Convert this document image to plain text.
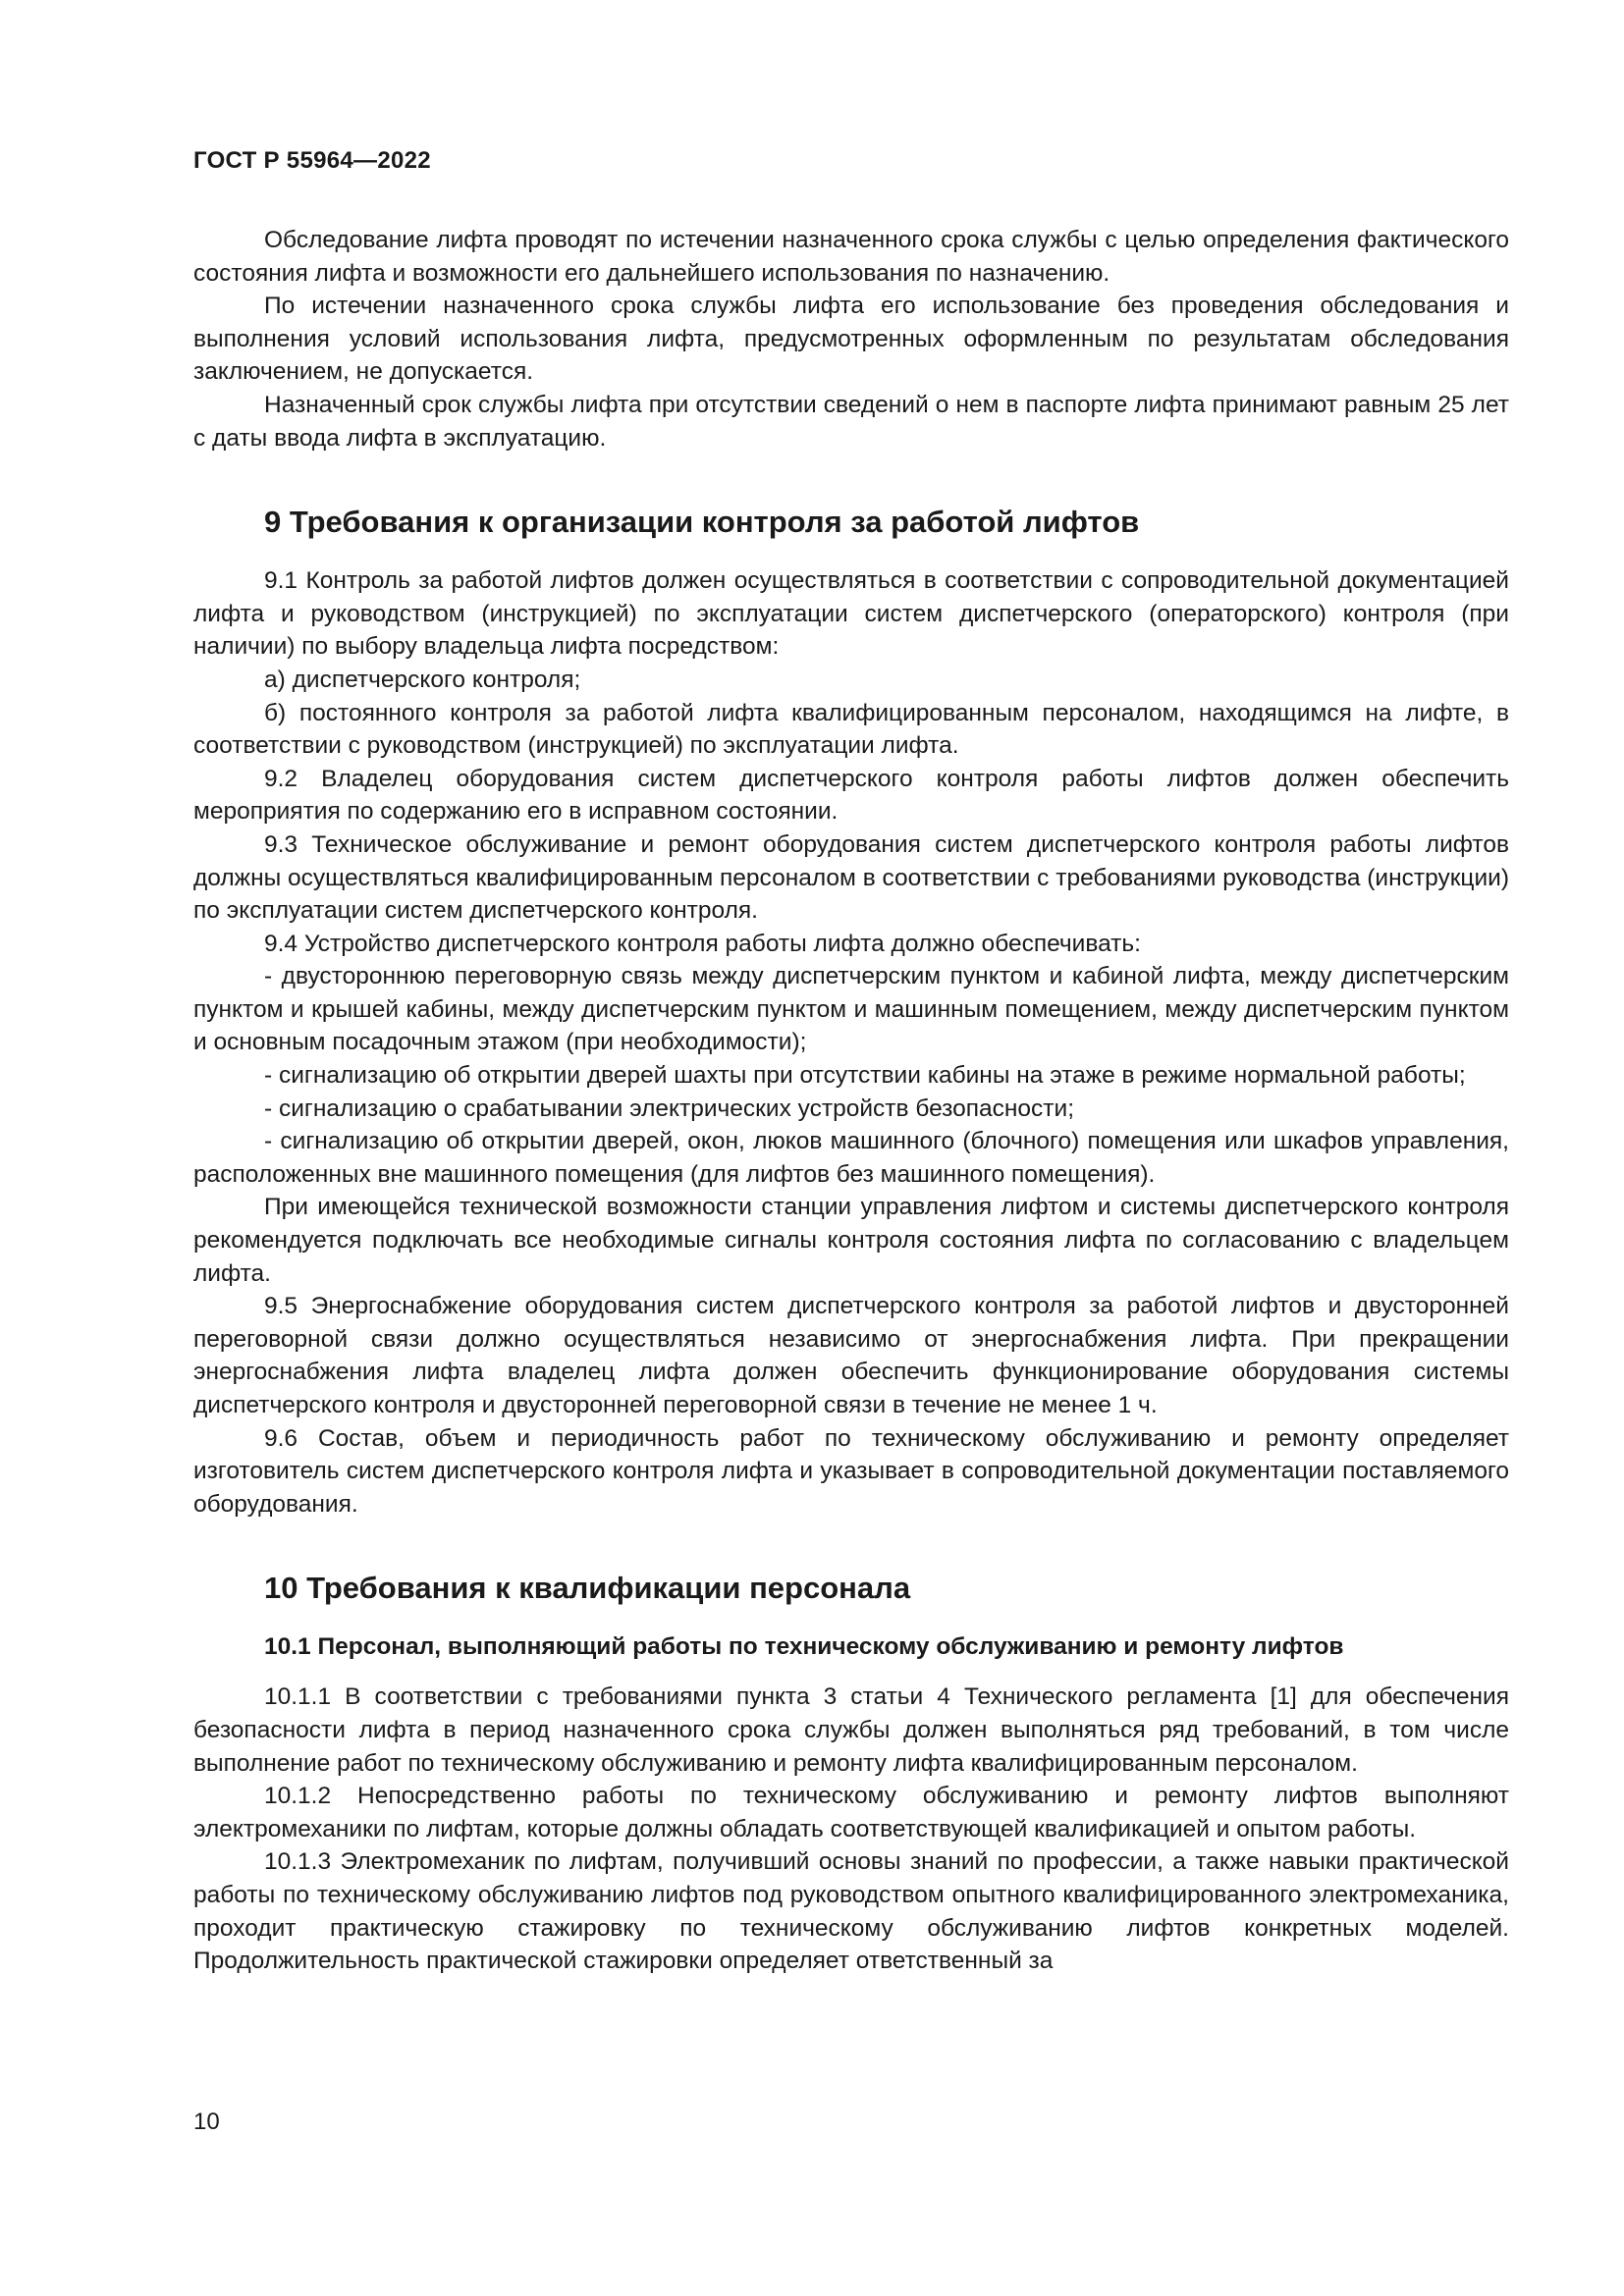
ГОСТ Р 55964—2022

Обследование лифта проводят по истечении назначенного срока службы с целью определения фактического состояния лифта и возможности его дальнейшего использования по назначению.

По истечении назначенного срока службы лифта его использование без проведения обследования и выполнения условий использования лифта, предусмотренных оформленным по результатам обследования заключением, не допускается.

Назначенный срок службы лифта при отсутствии сведений о нем в паспорте лифта принимают равным 25 лет с даты ввода лифта в эксплуатацию.

9 Требования к организации контроля за работой лифтов

9.1 Контроль за работой лифтов должен осуществляться в соответствии с сопроводительной документацией лифта и руководством (инструкцией) по эксплуатации систем диспетчерского (операторского) контроля (при наличии) по выбору владельца лифта посредством:

а) диспетчерского контроля;

б) постоянного контроля за работой лифта квалифицированным персоналом, находящимся на лифте, в соответствии с руководством (инструкцией) по эксплуатации лифта.

9.2 Владелец оборудования систем диспетчерского контроля работы лифтов должен обеспечить мероприятия по содержанию его в исправном состоянии.

9.3 Техническое обслуживание и ремонт оборудования систем диспетчерского контроля работы лифтов должны осуществляться квалифицированным персоналом в соответствии с требованиями руководства (инструкции) по эксплуатации систем диспетчерского контроля.

9.4 Устройство диспетчерского контроля работы лифта должно обеспечивать:

- двустороннюю переговорную связь между диспетчерским пунктом и кабиной лифта, между диспетчерским пунктом и крышей кабины, между диспетчерским пунктом и машинным помещением, между диспетчерским пунктом и основным посадочным этажом (при необходимости);

- сигнализацию об открытии дверей шахты при отсутствии кабины на этаже в режиме нормальной работы;

- сигнализацию о срабатывании электрических устройств безопасности;

- сигнализацию об открытии дверей, окон, люков машинного (блочного) помещения или шкафов управления, расположенных вне машинного помещения (для лифтов без машинного помещения).

При имеющейся технической возможности станции управления лифтом и системы диспетчерского контроля рекомендуется подключать все необходимые сигналы контроля состояния лифта по согласованию с владельцем лифта.

9.5 Энергоснабжение оборудования систем диспетчерского контроля за работой лифтов и двусторонней переговорной связи должно осуществляться независимо от энергоснабжения лифта. При прекращении энергоснабжения лифта владелец лифта должен обеспечить функционирование оборудования системы диспетчерского контроля и двусторонней переговорной связи в течение не менее 1 ч.

9.6 Состав, объем и периодичность работ по техническому обслуживанию и ремонту определяет изготовитель систем диспетчерского контроля лифта и указывает в сопроводительной документации поставляемого оборудования.

10 Требования к квалификации персонала
10.1 Персонал, выполняющий работы по техническому обслуживанию и ремонту лифтов

10.1.1 В соответствии с требованиями пункта 3 статьи 4 Технического регламента [1] для обеспечения безопасности лифта в период назначенного срока службы должен выполняться ряд требований, в том числе выполнение работ по техническому обслуживанию и ремонту лифта квалифицированным персоналом.

10.1.2 Непосредственно работы по техническому обслуживанию и ремонту лифтов выполняют электромеханики по лифтам, которые должны обладать соответствующей квалификацией и опытом работы.

10.1.3 Электромеханик по лифтам, получивший основы знаний по профессии, а также навыки практической работы по техническому обслуживанию лифтов под руководством опытного квалифицированного электромеханика, проходит практическую стажировку по техническому обслуживанию лифтов конкретных моделей. Продолжительность практической стажировки определяет ответственный за

10
